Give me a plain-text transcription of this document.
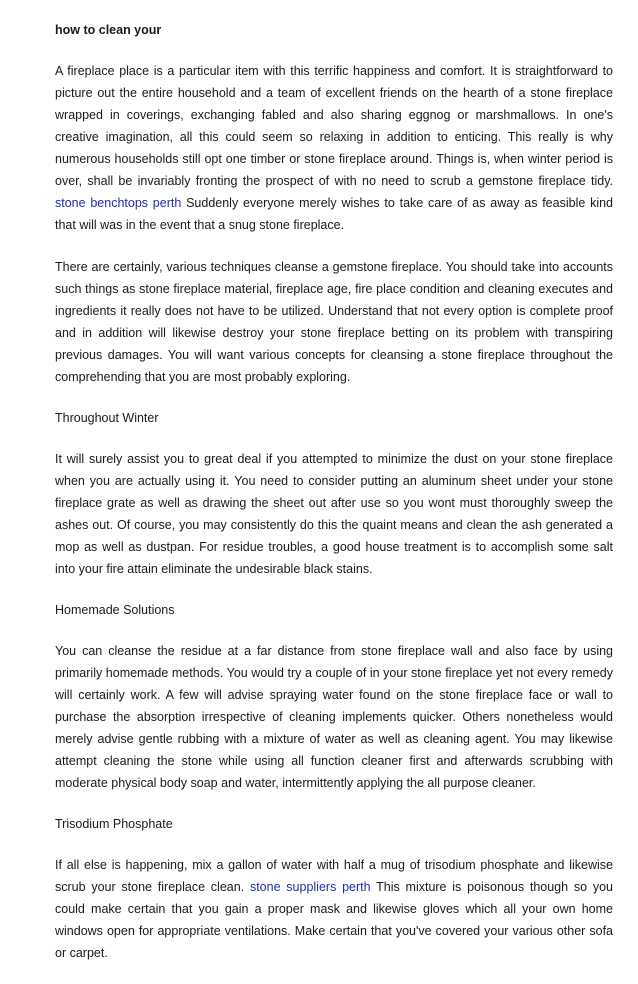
how to clean your

A fireplace place is a particular item with this terrific happiness and comfort. It is straightforward to picture out the entire household and a team of excellent friends on the hearth of a stone fireplace wrapped in coverings, exchanging fabled and also sharing eggnog or marshmallows. In one's creative imagination, all this could seem so relaxing in addition to enticing. This really is why numerous households still opt one timber or stone fireplace around. Things is, when winter period is over, shall be invariably fronting the prospect of with no need to scrub a gemstone fireplace tidy. stone benchtops perth Suddenly everyone merely wishes to take care of as away as feasible kind that will was in the event that a snug stone fireplace.

There are certainly, various techniques cleanse a gemstone fireplace. You should take into accounts such things as stone fireplace material, fireplace age, fire place condition and cleaning executes and ingredients it really does not have to be utilized. Understand that not every option is complete proof and in addition will likewise destroy your stone fireplace betting on its problem with transpiring previous damages. You will want various concepts for cleansing a stone fireplace throughout the comprehending that you are most probably exploring.

Throughout Winter

It will surely assist you to great deal if you attempted to minimize the dust on your stone fireplace when you are actually using it. You need to consider putting an aluminum sheet under your stone fireplace grate as well as drawing the sheet out after use so you wont must thoroughly sweep the ashes out. Of course, you may consistently do this the quaint means and clean the ash generated a mop as well as dustpan. For residue troubles, a good house treatment is to accomplish some salt into your fire attain eliminate the undesirable black stains.

Homemade Solutions

You can cleanse the residue at a far distance from stone fireplace wall and also face by using primarily homemade methods. You would try a couple of in your stone fireplace yet not every remedy will certainly work. A few will advise spraying water found on the stone fireplace face or wall to purchase the absorption irrespective of cleaning implements quicker. Others nonetheless would merely advise gentle rubbing with a mixture of water as well as cleaning agent. You may likewise attempt cleaning the stone while using all function cleaner first and afterwards scrubbing with moderate physical body soap and water, intermittently applying the all purpose cleaner.

Trisodium Phosphate

If all else is happening, mix a gallon of water with half a mug of trisodium phosphate and likewise scrub your stone fireplace clean. stone suppliers perth This mixture is poisonous though so you could make certain that you gain a proper mask and likewise gloves which all your own home windows open for appropriate ventilations. Make certain that you've covered your various other sofa or carpet.
